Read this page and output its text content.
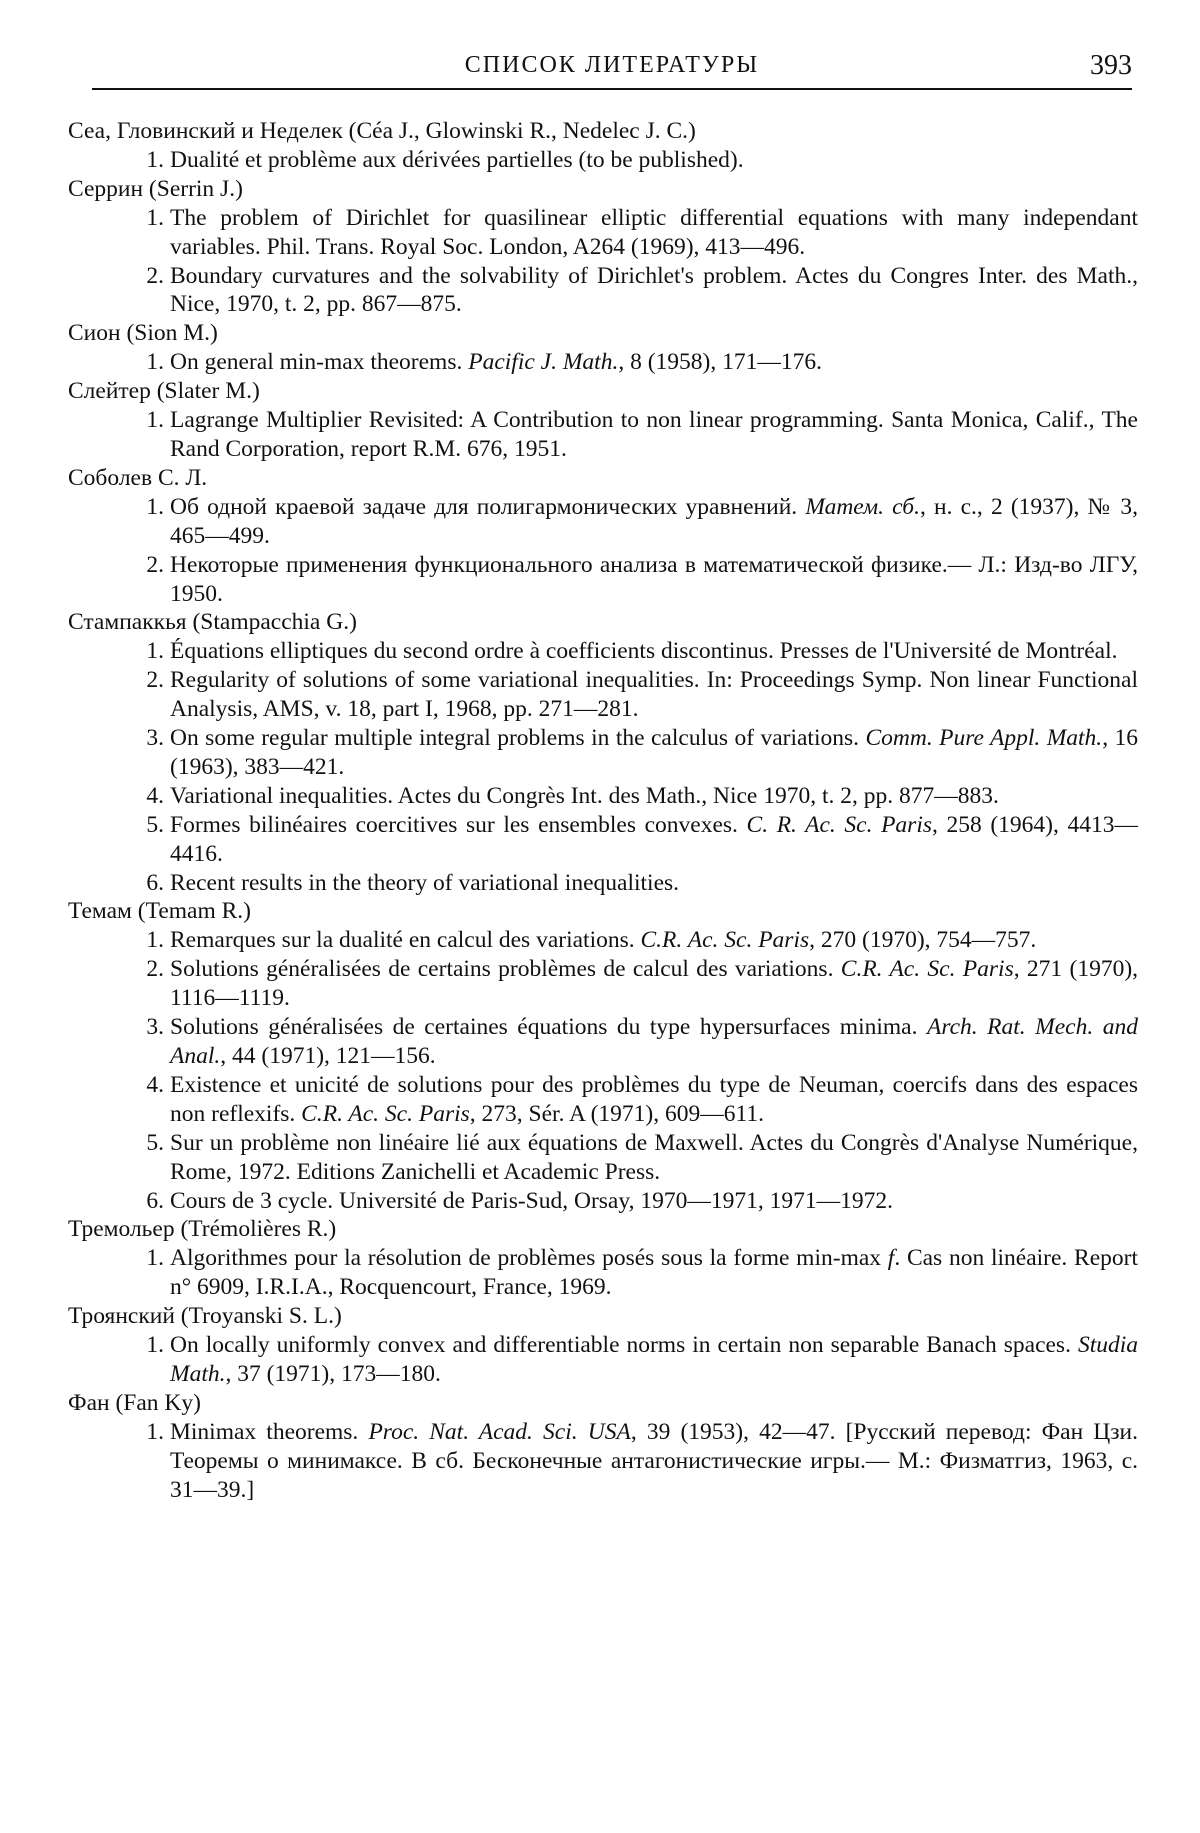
СПИСОК ЛИТЕРАТУРЫ	393
Сеа, Гловинский и Неделек (Céa J., Glowinski R., Nedelec J. C.)
1. Dualité et problème aux dérivées partielles (to be published).
Серрин (Serrin J.)
1. The problem of Dirichlet for quasilinear elliptic differential equations with many independant variables. Phil. Trans. Royal Soc. London, A264 (1969), 413—496.
2. Boundary curvatures and the solvability of Dirichlet's problem. Actes du Congres Inter. des Math., Nice, 1970, t. 2, pp. 867—875.
Сион (Sion M.)
1. On general min-max theorems. Pacific J. Math., 8 (1958), 171—176.
Слейтер (Slater M.)
1. Lagrange Multiplier Revisited: A Contribution to non linear programming. Santa Monica, Calif., The Rand Corporation, report R.M. 676, 1951.
Соболев С. Л.
1. Об одной краевой задаче для полигармонических уравнений. Матем. сб., н. с., 2 (1937), № 3, 465—499.
2. Некоторые применения функционального анализа в математической физике.— Л.: Изд-во ЛГУ, 1950.
Стампаккья (Stampacchia G.)
1. Équations elliptiques du second ordre à coefficients discontinus. Presses de l'Université de Montréal.
2. Regularity of solutions of some variational inequalities. In: Proceedings Symp. Non linear Functional Analysis, AMS, v. 18, part I, 1968, pp. 271—281.
3. On some regular multiple integral problems in the calculus of variations. Comm. Pure Appl. Math., 16 (1963), 383—421.
4. Variational inequalities. Actes du Congrès Int. des Math., Nice 1970, t. 2, pp. 877—883.
5. Formes bilinéaires coercitives sur les ensembles convexes. C. R. Ac. Sc. Paris, 258 (1964), 4413—4416.
6. Recent results in the theory of variational inequalities.
Темам (Temam R.)
1. Remarques sur la dualité en calcul des variations. C.R. Ac. Sc. Paris, 270 (1970), 754—757.
2. Solutions généralisées de certains problèmes de calcul des variations. C.R. Ac. Sc. Paris, 271 (1970), 1116—1119.
3. Solutions généralisées de certaines équations du type hypersurfaces minima. Arch. Rat. Mech. and Anal., 44 (1971), 121—156.
4. Existence et unicité de solutions pour des problèmes du type de Neuman, coercifs dans des espaces non reflexifs. C.R. Ac. Sc. Paris, 273, Sér. A (1971), 609—611.
5. Sur un problème non linéaire lié aux équations de Maxwell. Actes du Congrès d'Analyse Numérique, Rome, 1972. Editions Zanichelli et Academic Press.
6. Cours de 3 cycle. Université de Paris-Sud, Orsay, 1970—1971, 1971—1972.
Тремольер (Trémolières R.)
1. Algorithmes pour la résolution de problèmes posés sous la forme min-max f. Cas non linéaire. Report n° 6909, I.R.I.A., Rocquencourt, France, 1969.
Троянский (Troyanski S. L.)
1. On locally uniformly convex and differentiable norms in certain non separable Banach spaces. Studia Math., 37 (1971), 173—180.
Фан (Fan Ky)
1. Minimax theorems. Proc. Nat. Acad. Sci. USA, 39 (1953), 42—47. [Русский перевод: Фан Цзи. Теоремы о минимаксе. В сб. Бесконечные антагонистические игры.— М.: Физматгиз, 1963, с. 31—39.]
